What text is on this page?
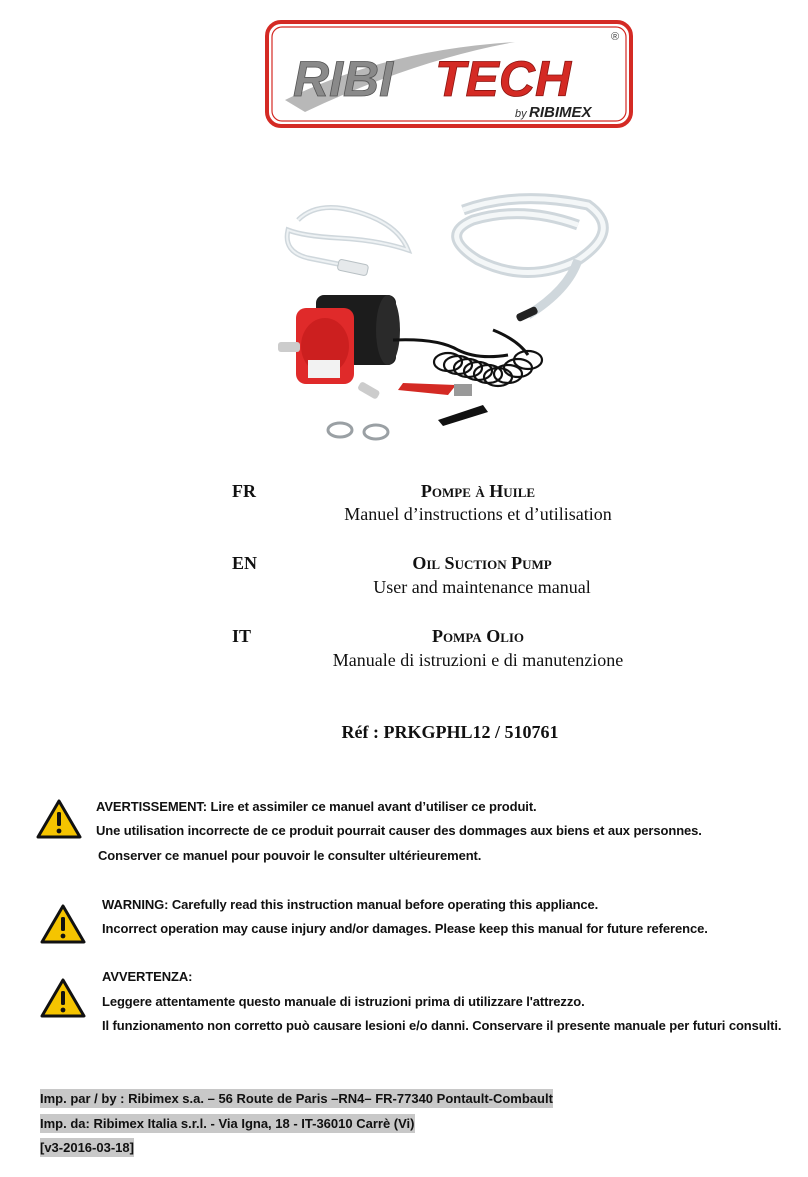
RIBI TECH
by RIBIMEX
®
FR	Pompe à Huile
Manuel d’instructions et d’utilisation
EN	Oil Suction Pump
User and maintenance manual
IT	Pompa Olio
Manuale di istruzioni e di manutenzione
Réf : PRKGPHL12 / 510761
AVERTISSEMENT: Lire et assimiler ce manuel avant d’utiliser ce produit.
Une utilisation incorrecte de ce produit pourrait causer des dommages aux biens et aux personnes.
Conserver ce manuel pour pouvoir le consulter ultérieurement.
WARNING: Carefully read this instruction manual before operating this appliance.
Incorrect operation may cause injury and/or damages. Please keep this manual for future reference.
AVVERTENZA:
Leggere attentamente questo manuale di istruzioni prima di utilizzare l'attrezzo.
Il funzionamento non corretto può causare lesioni e/o danni. Conservare il presente manuale per futuri consulti.
Imp. par / by : Ribimex s.a. – 56 Route de Paris –RN4– FR-77340 Pontault-Combault
Imp. da: Ribimex Italia s.r.l. - Via Igna, 18 - IT-36010 Carrè (Vi)
[v3-2016-03-18]
